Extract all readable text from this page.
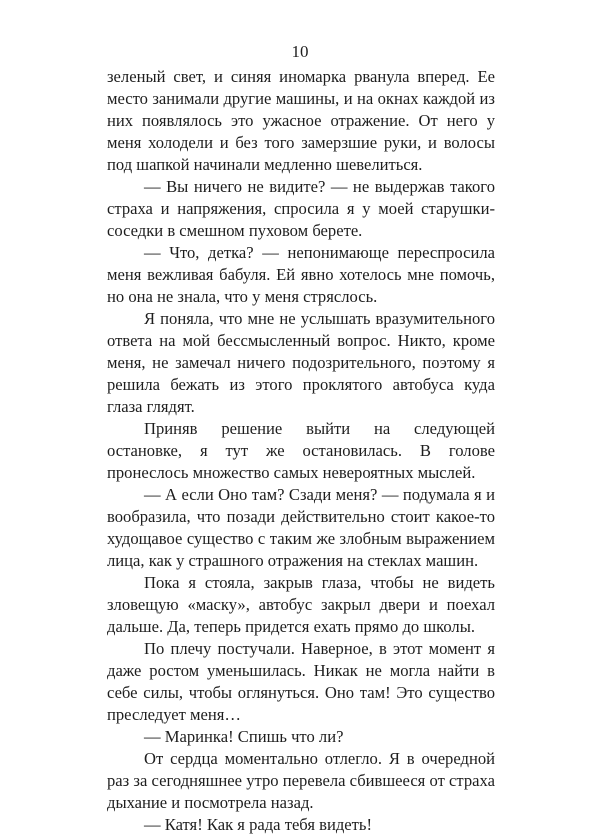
10

зеленый свет, и синяя иномарка рванула вперед. Ее место занимали другие машины, и на окнах каждой из них появлялось это ужасное отражение. От него у меня холодели и без того замерзшие руки, и волосы под шапкой начинали медленно шевелиться.

— Вы ничего не видите? — не выдержав такого страха и напряжения, спросила я у моей старушки-соседки в смешном пуховом берете.

— Что, детка? — непонимающе переспросила меня вежливая бабуля. Ей явно хотелось мне помочь, но она не знала, что у меня стряслось.

Я поняла, что мне не услышать вразумительного ответа на мой бессмысленный вопрос. Никто, кроме меня, не замечал ничего подозрительного, поэтому я решила бежать из этого проклятого автобуса куда глаза глядят.

Приняв решение выйти на следующей остановке, я тут же остановилась. В голове пронеслось множество самых невероятных мыслей.

— А если Оно там? Сзади меня? — подумала я и вообразила, что позади действительно стоит какое-то худощавое существо с таким же злобным выражением лица, как у страшного отражения на стеклах машин.

Пока я стояла, закрыв глаза, чтобы не видеть зловещую «маску», автобус закрыл двери и поехал дальше. Да, теперь придется ехать прямо до школы.

По плечу постучали. Наверное, в этот момент я даже ростом уменьшилась. Никак не могла найти в себе силы, чтобы оглянуться. Оно там! Это существо преследует меня…

— Маринка! Спишь что ли?

От сердца моментально отлегло. Я в очередной раз за сегодняшнее утро перевела сбившееся от страха дыхание и посмотрела назад.

— Катя! Как я рада тебя видеть!
